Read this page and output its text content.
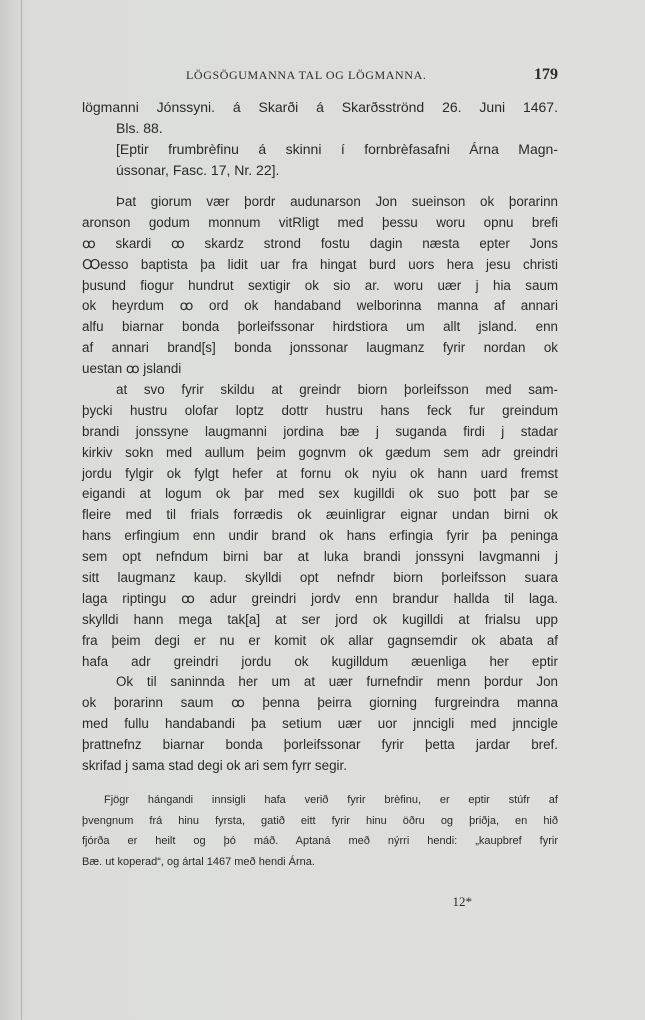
LÖGSÖGUMANNA TAL OG LÖGMANNA.	179
lögmanni Jónssyni. á Skarði á Skarðsströnd 26. Juni 1467.
Bls. 88.
[Eptir frumbrèfinu á skinni í fornbrèfasafni Árna Magn-
ússonar, Fasc. 17, Nr. 22].
Þat giorum vær þordr audunarson Jon sueinson ok þorarinn
aronson godum monnum vitRligt med þessu woru opnu brefi
ꝏ skardi ꝏ skardz strond fostu dagin næsta epter Jons
Ꝏesso baptista þa lidit uar fra hingat burd uors hera jesu christi
þusund fiogur hundrut sextigir ok sio ar. woru uær j hia saum
ok heyrdum ꝏ ord ok handaband welborinna manna af annari
alfu biarnar bonda þorleifssonar hirdstiora um allt jsland. enn
af annari brand[s] bonda jonssonar laugmanz fyrir nordan ok
uestan ꝏ jslandi
at svo fyrir skildu at greindr biorn þorleifsson med sam-
þycki hustru olofar loptz dottr hustru hans feck fur greindum
brandi jonssyne laugmanni jordina bæ j suganda firdi j stadar
kirkiv sokn med aullum þeim gognvm ok gædum sem adr greindri
jordu fylgir ok fylgt hefer at fornu ok nyiu ok hann uard fremst
eigandi at logum ok þar med sex kugilldi ok suo þott þar se
fleire med til frials forrædis ok æuinligrar eignar undan birni ok
hans erfingium enn undir brand ok hans erfingia fyrir þa peninga
sem opt nefndum birni bar at luka brandi jonssyni lavgmanni j
sitt laugmanz kaup. skylldi opt nefndr biorn þorleifsson suara
laga riptingu ꝏ adur greindri jordv enn brandur hallda til laga.
skylldi hann mega tak[a] at ser jord ok kugilldi at frialsu upp
fra þeim degi er nu er komit ok allar gagnsemdir ok abata af
hafa adr greindri jordu ok kugilldum æuenliga her eptir
Ok til saninnda her um at uær furnefndir menn þordur Jon
ok þorarinn saum ꝏ þenna þeirra giorning furgreindra manna
med fullu handabandi þa setium uær uor jnncigli med jnncigle
þrattnefnz biarnar bonda þorleifssonar fyrir þetta jardar bref.
skrifad j sama stad degi ok ari sem fyrr segir.
Fjögr hángandi innsigli hafa verið fyrir brèfinu, er eptir stúfr af
þvengnum frá hinu fyrsta, gatið eitt fyrir hinu öðru og þriðja, en hið
fjórða er heilt og þó máð. Aptaná með nýrri hendi: „kaupbref fyrir
Bæ. ut koperad“, og ártal 1467 með hendi Árna.
12*
